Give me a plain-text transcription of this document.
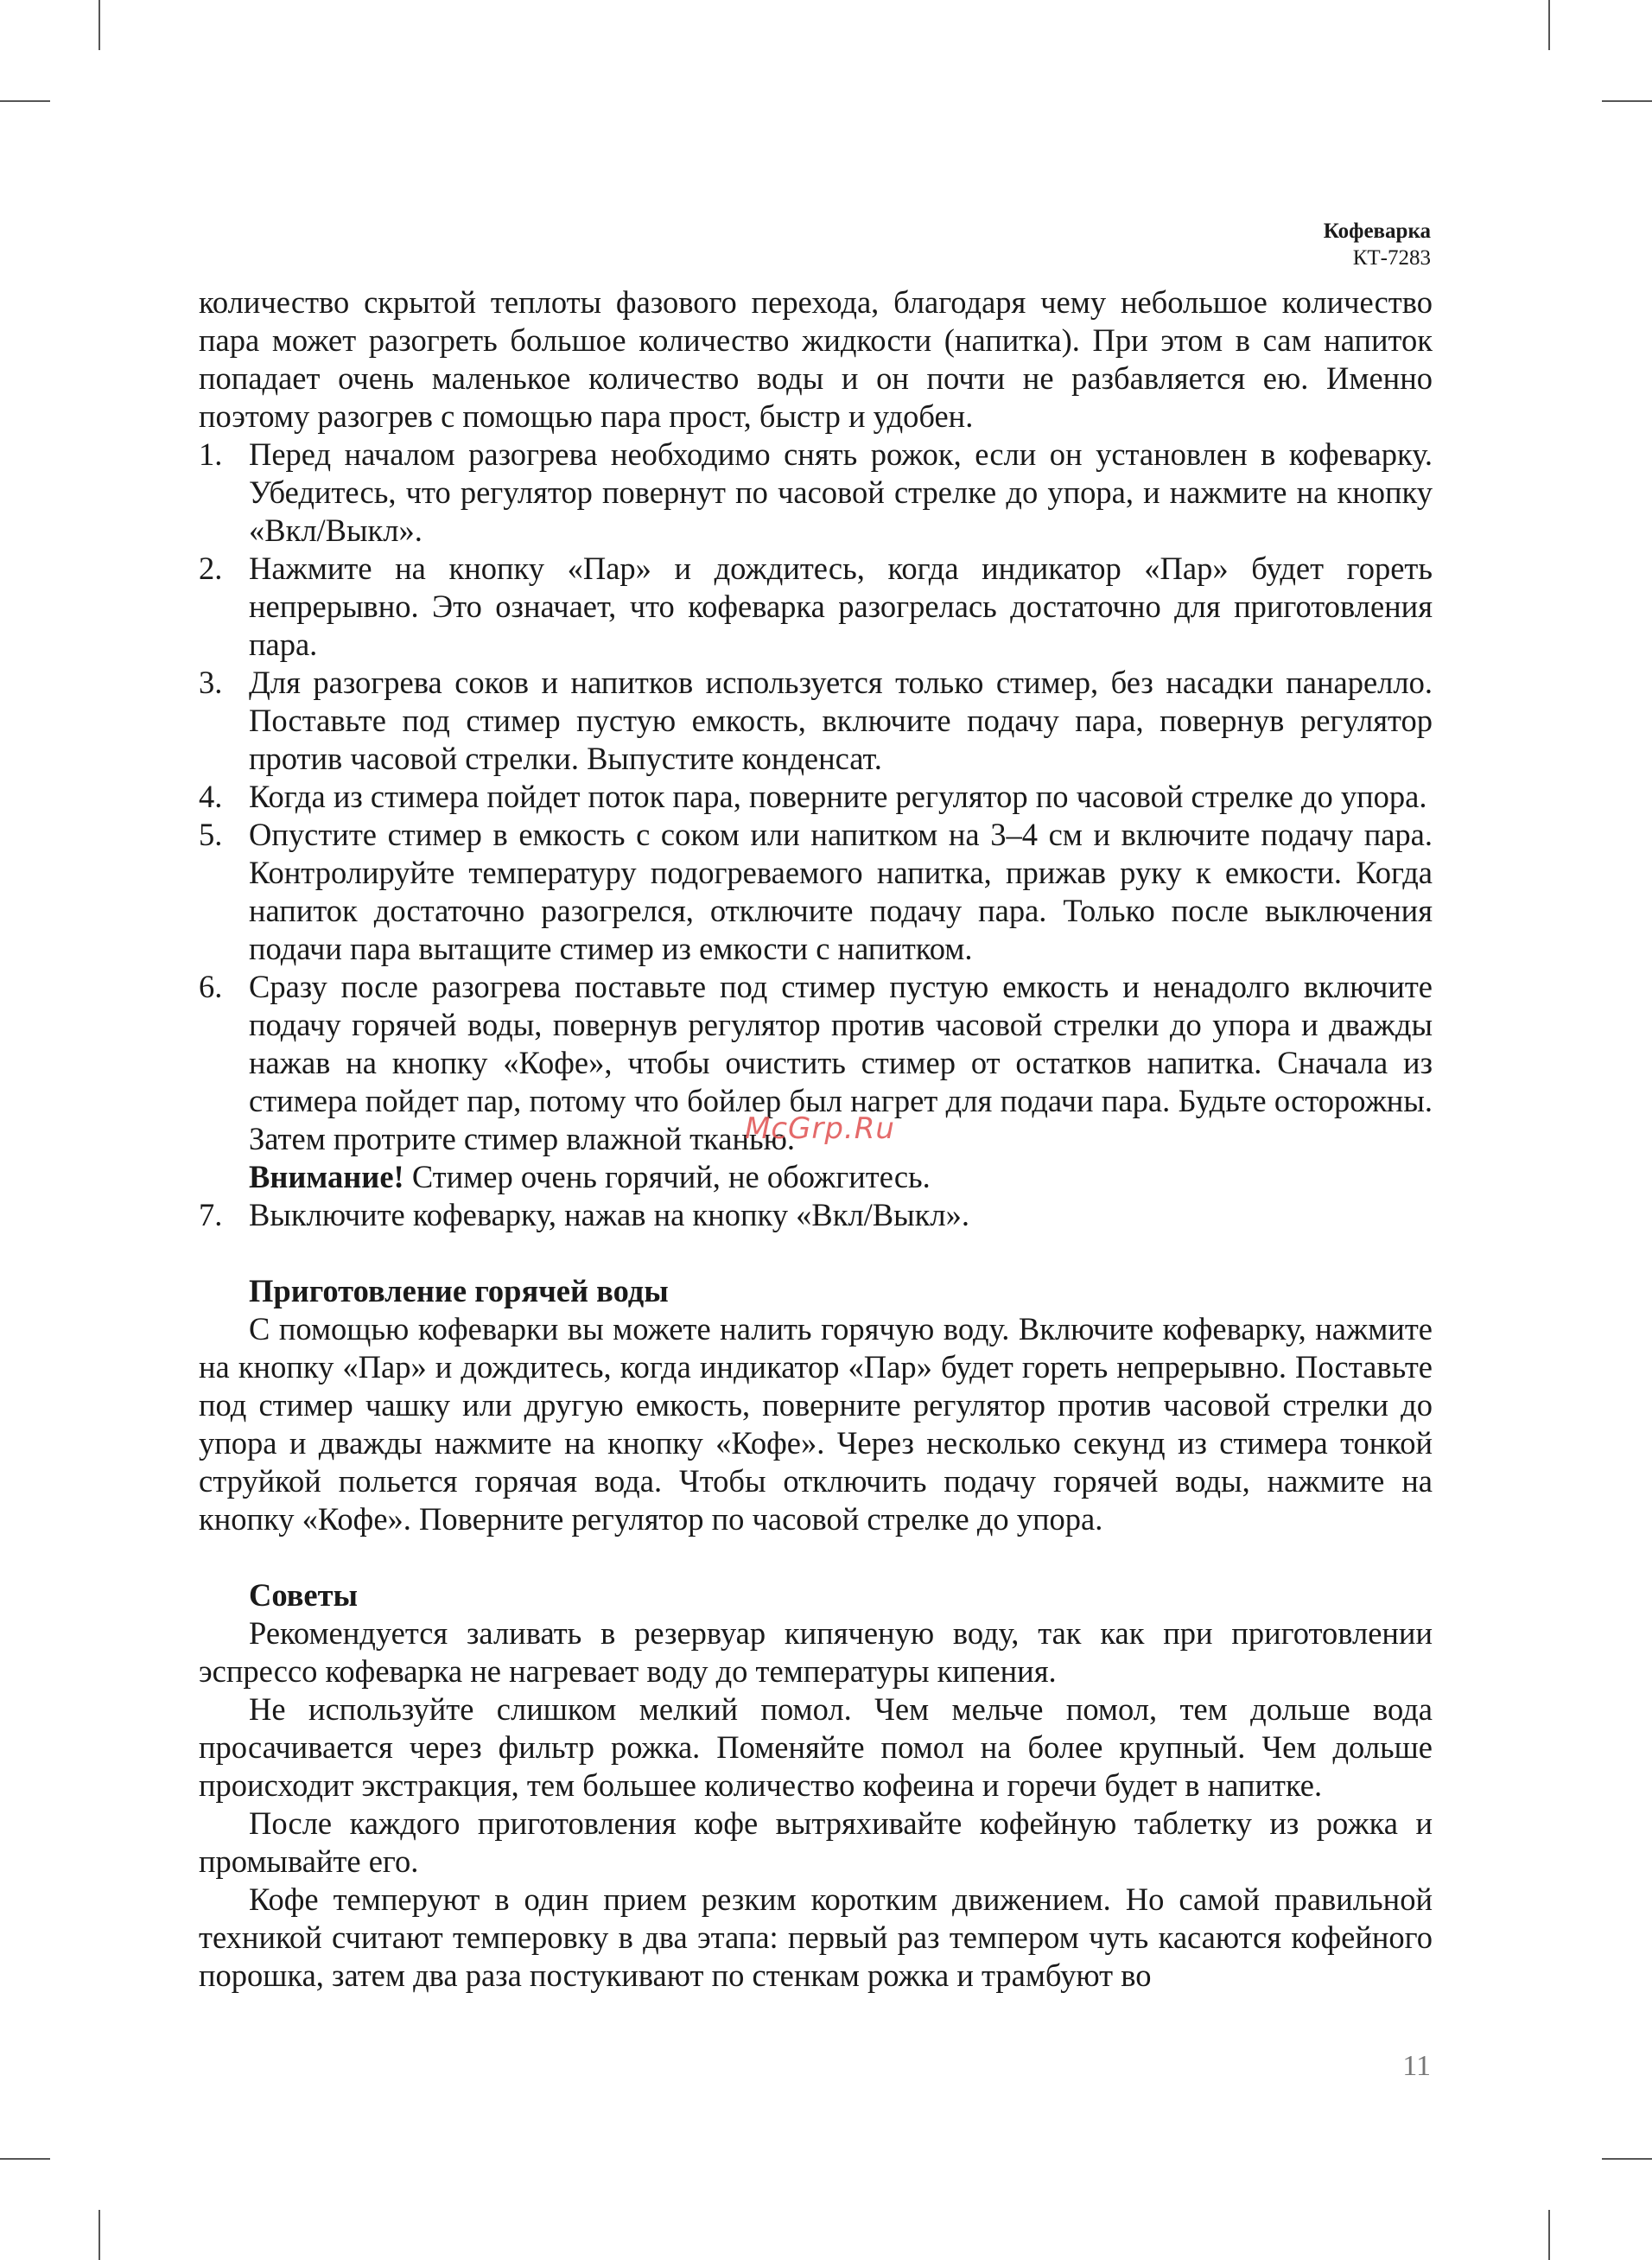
Кофеварка
КТ-7283

количество скрытой теплоты фазового перехода, благодаря чему небольшое количество пара может разогреть большое количество жидкости (напитка). При этом в сам напиток попадает очень маленькое количество воды и он почти не разбавляется ею. Именно поэтому разогрев с помощью пара прост, быстр и удобен.

1. Перед началом разогрева необходимо снять рожок, если он установлен в кофеварку. Убедитесь, что регулятор повернут по часовой стрелке до упора, и нажмите на кнопку «Вкл/Выкл».
2. Нажмите на кнопку «Пар» и дождитесь, когда индикатор «Пар» будет гореть непрерывно. Это означает, что кофеварка разогрелась достаточно для приготовления пара.
3. Для разогрева соков и напитков используется только стимер, без насадки панарелло. Поставьте под стимер пустую емкость, включите подачу пара, повернув регулятор против часовой стрелки. Выпустите конденсат.
4. Когда из стимера пойдет поток пара, поверните регулятор по часовой стрелке до упора.
5. Опустите стимер в емкость с соком или напитком на 3–4 см и включите подачу пара. Контролируйте температуру подогреваемого напитка, прижав руку к емкости. Когда напиток достаточно разогрелся, отключите подачу пара. Только после выключения подачи пара вытащите стимер из емкости с напитком.
6. Сразу после разогрева поставьте под стимер пустую емкость и ненадолго включите подачу горячей воды, повернув регулятор против часовой стрелки до упора и дважды нажав на кнопку «Кофе», чтобы очистить стимер от остатков напитка. Сначала из стимера пойдет пар, потому что бойлер был нагрет для подачи пара. Будьте осторожны. Затем протрите стимер влажной тканью.
Внимание! Стимер очень горячий, не обожгитесь.
7. Выключите кофеварку, нажав на кнопку «Вкл/Выкл».
Приготовление горячей воды

С помощью кофеварки вы можете налить горячую воду. Включите кофеварку, нажмите на кнопку «Пар» и дождитесь, когда индикатор «Пар» будет гореть непрерывно. Поставьте под стимер чашку или другую емкость, поверните регулятор против часовой стрелки до упора и дважды нажмите на кнопку «Кофе». Через несколько секунд из стимера тонкой струйкой польется горячая вода. Чтобы отключить подачу горячей воды, нажмите на кнопку «Кофе». Поверните регулятор по часовой стрелке до упора.

Советы

Рекомендуется заливать в резервуар кипяченую воду, так как при приготовлении эспрессо кофеварка не нагревает воду до температуры кипения.

Не используйте слишком мелкий помол. Чем мельче помол, тем дольше вода просачивается через фильтр рожка. Поменяйте помол на более крупный. Чем дольше происходит экстракция, тем большее количество кофеина и горечи будет в напитке.

После каждого приготовления кофе вытряхивайте кофейную таблетку из рожка и промывайте его.

Кофе темперуют в один прием резким коротким движением. Но самой правильной техникой считают темперовку в два этапа: первый раз темпером чуть касаются кофейного порошка, затем два раза постукивают по стенкам рожка и трамбуют во

McGrp.Ru
11
